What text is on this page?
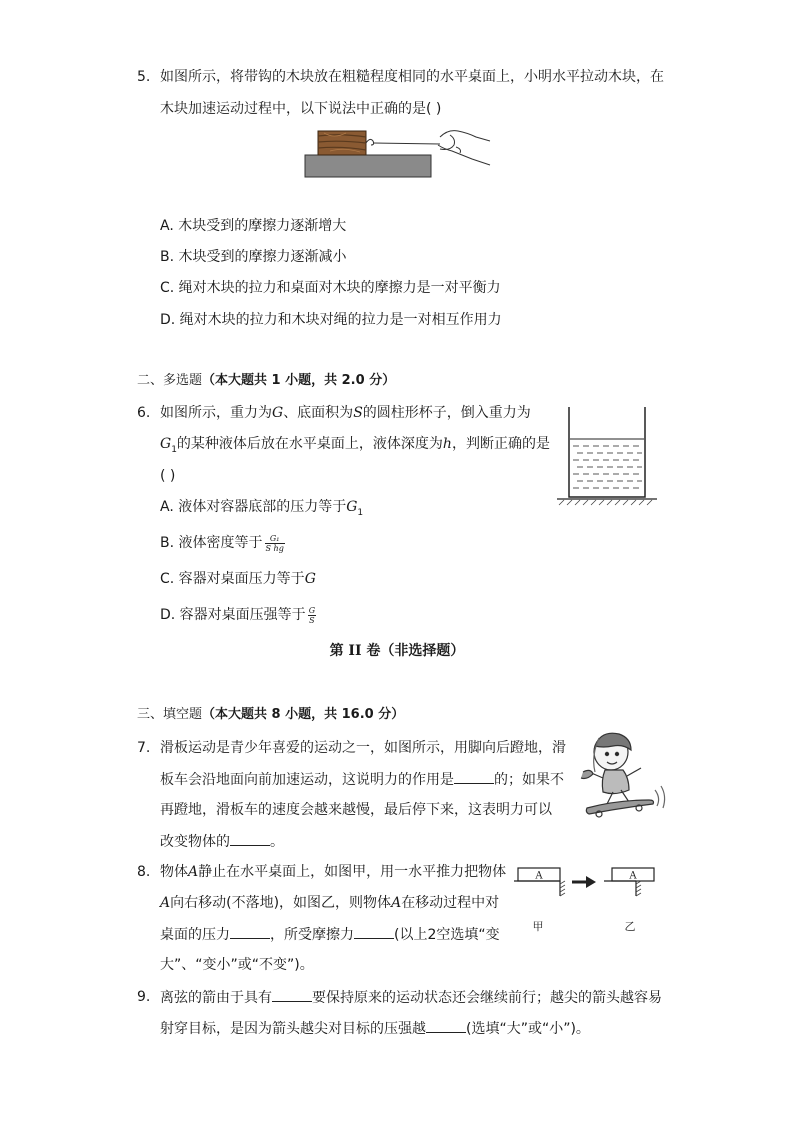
5. 如图所示，将带钩的木块放在粗糙程度相同的水平桌面上，小明水平拉动木块，在
木块加速运动过程中，以下说法中正确的是( )
A. 木块受到的摩擦力逐渐增大
B. 木块受到的摩擦力逐渐减小
C. 绳对木块的拉力和桌面对木块的摩擦力是一对平衡力
D. 绳对木块的拉力和木块对绳的拉力是一对相互作用力
二、多选题（本大题共 1 小题，共 2.0 分）
6. 如图所示，重力为G、底面积为S的圆柱形杯子，倒入重力为
$G_1$的某种液体后放在水平桌面上，液体深度为h，判断正确的是
( )
A. 液体对容器底部的压力等于$G_1$
B. 液体密度等于 $\frac{\text{G₁}}{\text{S hg}}$
C. 容器对桌面压力等于G
D. 容器对桌面压强等于 $\frac{G}{S}$
第 II 卷（非选择题）
三、填空题（本大题共 8 小题，共 16.0 分）
7. 滑板运动是青少年喜爱的运动之一，如图所示，用脚向后蹬地，滑
板车会沿地面向前加速运动，这说明力的作用是	的；如果不
再蹬地，滑板车的速度会越来越慢，最后停下来，这表明力可以
改变物体的	。
8. 物体A静止在水平桌面上，如图甲，用一水平推力把物体
A向右移动(不落地)，如图乙，则物体A在移动过程中对
桌面的压力	，所受摩擦力	(以上2空选填“变
大”、“变小”或“不变”)。
A
甲
A
乙
9. 离弦的箭由于具有	要保持原来的运动状态还会继续前行；越尖的箭头越容易
射穿目标，是因为箭头越尖对目标的压强越	(选填“大”或“小”)。
